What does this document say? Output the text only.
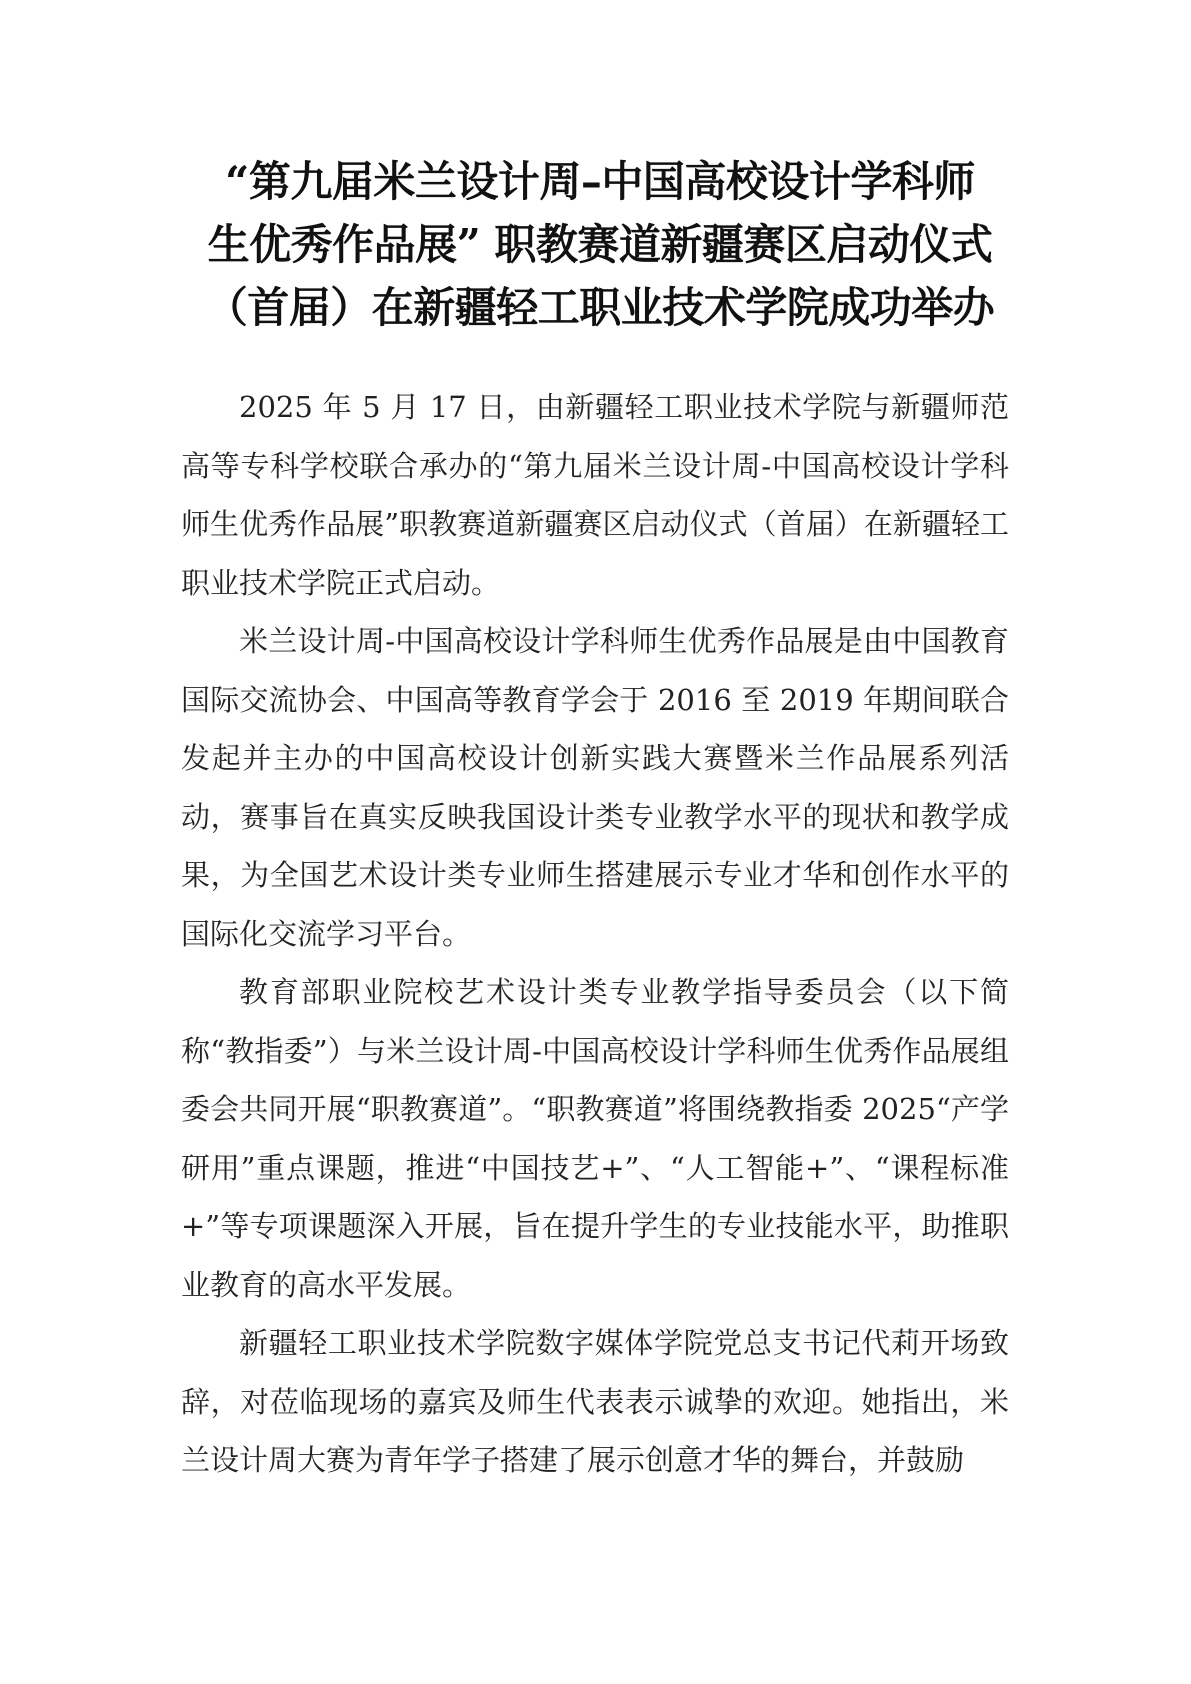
“第九届米兰设计周–中国高校设计学科师
生优秀作品展” 职教赛道新疆赛区启动仪式
（首届）在新疆轻工职业技术学院成功举办

2025 年 5 月 17 日，由新疆轻工职业技术学院与新疆师范高等专科学校联合承办的“第九届米兰设计周-中国高校设计学科师生优秀作品展”职教赛道新疆赛区启动仪式（首届）在新疆轻工职业技术学院正式启动。

米兰设计周-中国高校设计学科师生优秀作品展是由中国教育国际交流协会、中国高等教育学会于 2016 至 2019 年期间联合发起并主办的中国高校设计创新实践大赛暨米兰作品展系列活动，赛事旨在真实反映我国设计类专业教学水平的现状和教学成果，为全国艺术设计类专业师生搭建展示专业才华和创作水平的国际化交流学习平台。

教育部职业院校艺术设计类专业教学指导委员会（以下简称“教指委”）与米兰设计周-中国高校设计学科师生优秀作品展组委会共同开展“职教赛道”。“职教赛道”将围绕教指委 2025“产学研用”重点课题，推进“中国技艺+”、“人工智能+”、“课程标准+”等专项课题深入开展，旨在提升学生的专业技能水平，助推职业教育的高水平发展。

新疆轻工职业技术学院数字媒体学院党总支书记代莉开场致辞，对莅临现场的嘉宾及师生代表表示诚挚的欢迎。她指出，米兰设计周大赛为青年学子搭建了展示创意才华的舞台，并鼓励
